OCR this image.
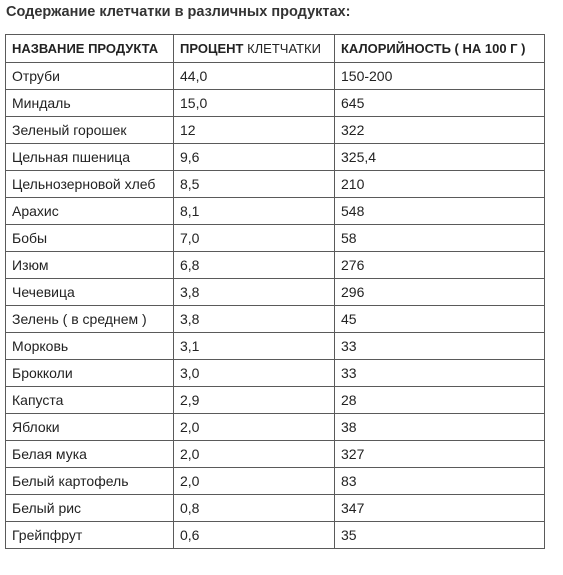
Содержание клетчатки в различных продуктах:
НАЗВАНИЕ ПРОДУКТА	ПРОЦЕНТ КЛЕТЧАТКИ	КАЛОРИЙНОСТЬ ( НА 100 Г )
Отруби	44,0	150-200
Миндаль	15,0	645
Зеленый горошек	12	322
Цельная пшеница	9,6	325,4
Цельнозерновой хлеб	8,5	210
Арахис	8,1	548
Бобы	7,0	58
Изюм	6,8	276
Чечевица	3,8	296
Зелень ( в среднем )	3,8	45
Морковь	3,1	33
Брокколи	3,0	33
Капуста	2,9	28
Яблоки	2,0	38
Белая мука	2,0	327
Белый картофель	2,0	83
Белый рис	0,8	347
Грейпфрут	0,6	35
